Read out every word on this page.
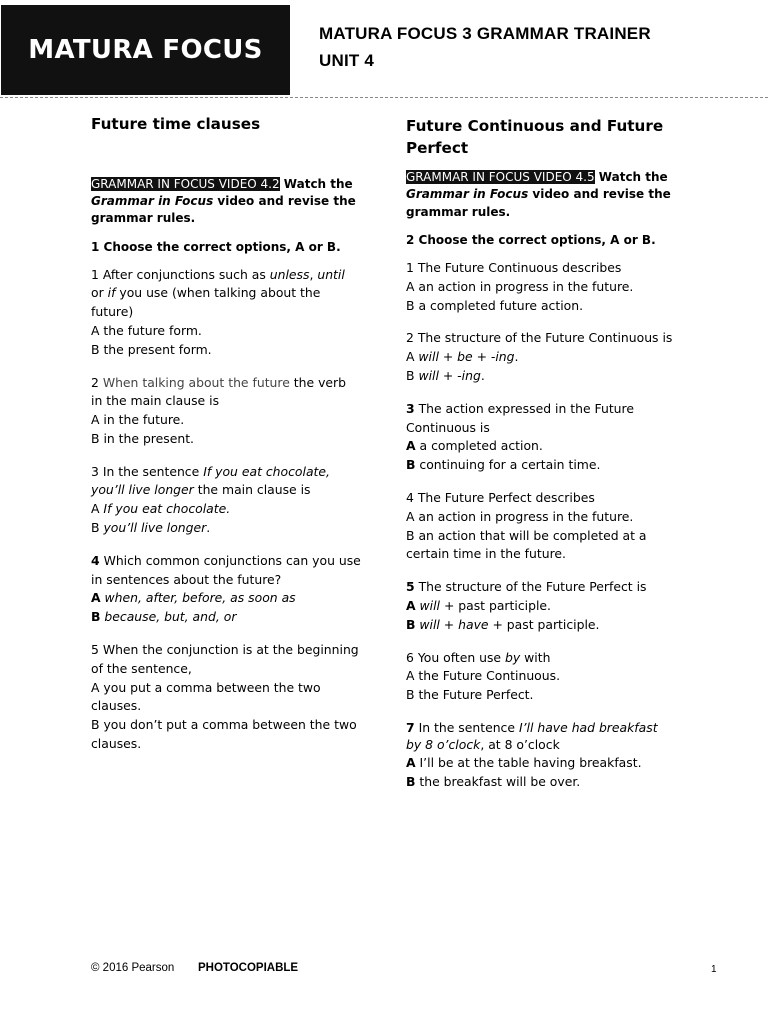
MATURA FOCUS
MATURA FOCUS 3 GRAMMAR TRAINER
UNIT 4
Future time clauses
GRAMMAR IN FOCUS VIDEO 4.2 Watch the Grammar in Focus video and revise the grammar rules.
1 Choose the correct options, A or B.
1 After conjunctions such as unless, until or if you use (when talking about the future)
A the future form.
B the present form.
2 When talking about the future the verb in the main clause is
A in the future.
B in the present.
3 In the sentence If you eat chocolate, you’ll live longer the main clause is
A If you eat chocolate.
B you’ll live longer.
4 Which common conjunctions can you use in sentences about the future?
A when, after, before, as soon as
B because, but, and, or
5 When the conjunction is at the beginning of the sentence,
A you put a comma between the two clauses.
B you don’t put a comma between the two clauses.
Future Continuous and Future Perfect
GRAMMAR IN FOCUS VIDEO 4.5 Watch the Grammar in Focus video and revise the grammar rules.
2 Choose the correct options, A or B.
1 The Future Continuous describes
A an action in progress in the future.
B a completed future action.
2 The structure of the Future Continuous is
A will + be + -ing.
B will + -ing.
3 The action expressed in the Future Continuous is
A a completed action.
B continuing for a certain time.
4 The Future Perfect describes
A an action in progress in the future.
B an action that will be completed at a certain time in the future.
5 The structure of the Future Perfect is
A will + past participle.
B will + have + past participle.
6 You often use by with
A the Future Continuous.
B the Future Perfect.
7 In the sentence I’ll have had breakfast by 8 o’clock, at 8 o’clock
A I’ll be at the table having breakfast.
B the breakfast will be over.
© 2016 Pearson PHOTOCOPIABLE	1
